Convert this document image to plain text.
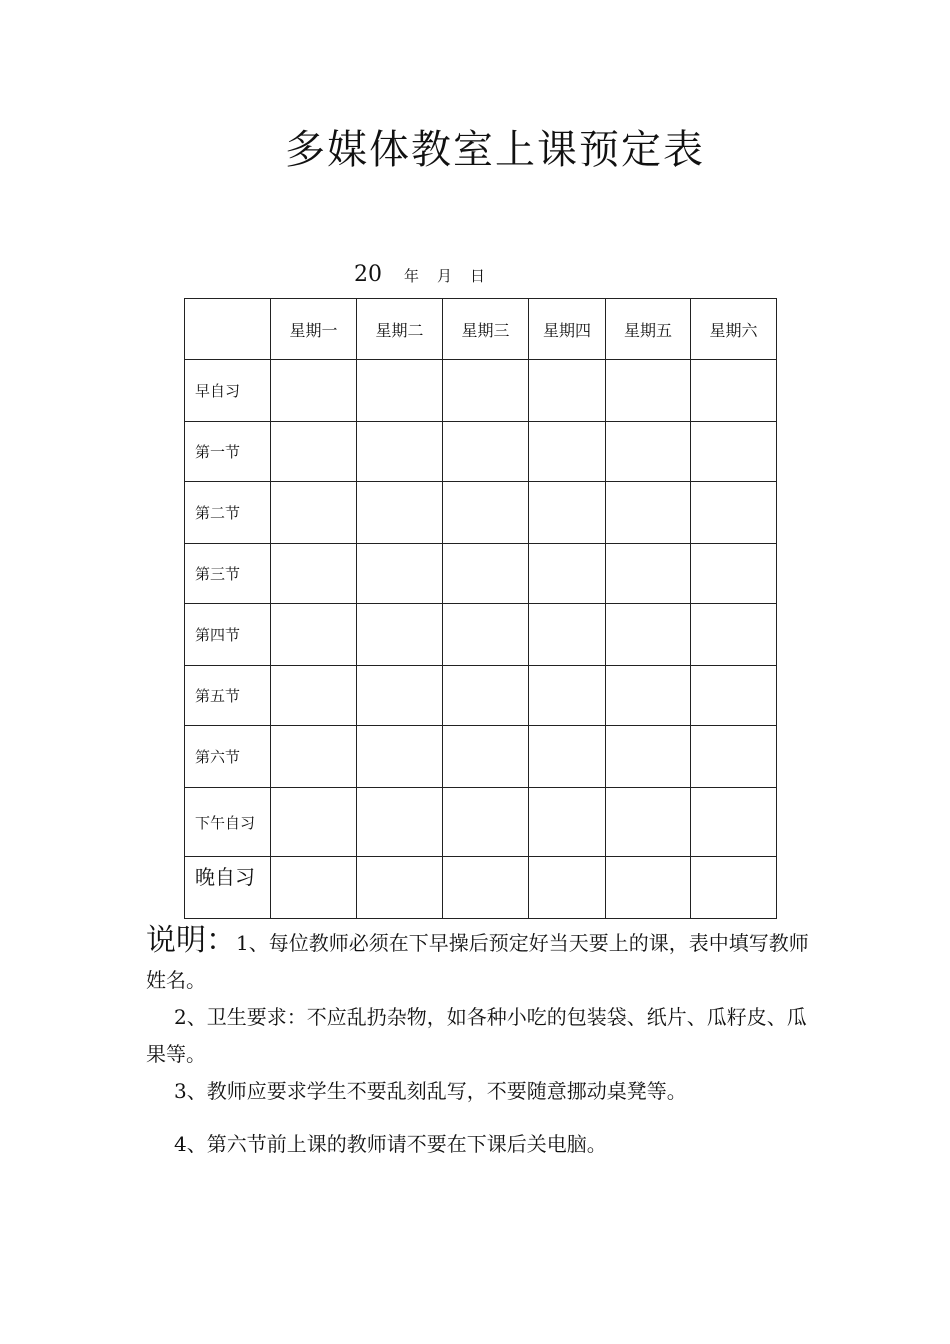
多媒体教室上课预定表
20 年 月 日
	星期一	星期二	星期三	星期四	星期五	星期六
早自习						
第一节						
第二节						
第三节						
第四节						
第五节						
第六节						
下午自习						
晚自习						

说明：1、每位教师必须在下早操后预定好当天要上的课，表中填写教师姓名。

2、卫生要求：不应乱扔杂物，如各种小吃的包装袋、纸片、瓜籽皮、瓜果等。

3、教师应要求学生不要乱刻乱写，不要随意挪动桌凳等。

4、第六节前上课的教师请不要在下课后关电脑。
